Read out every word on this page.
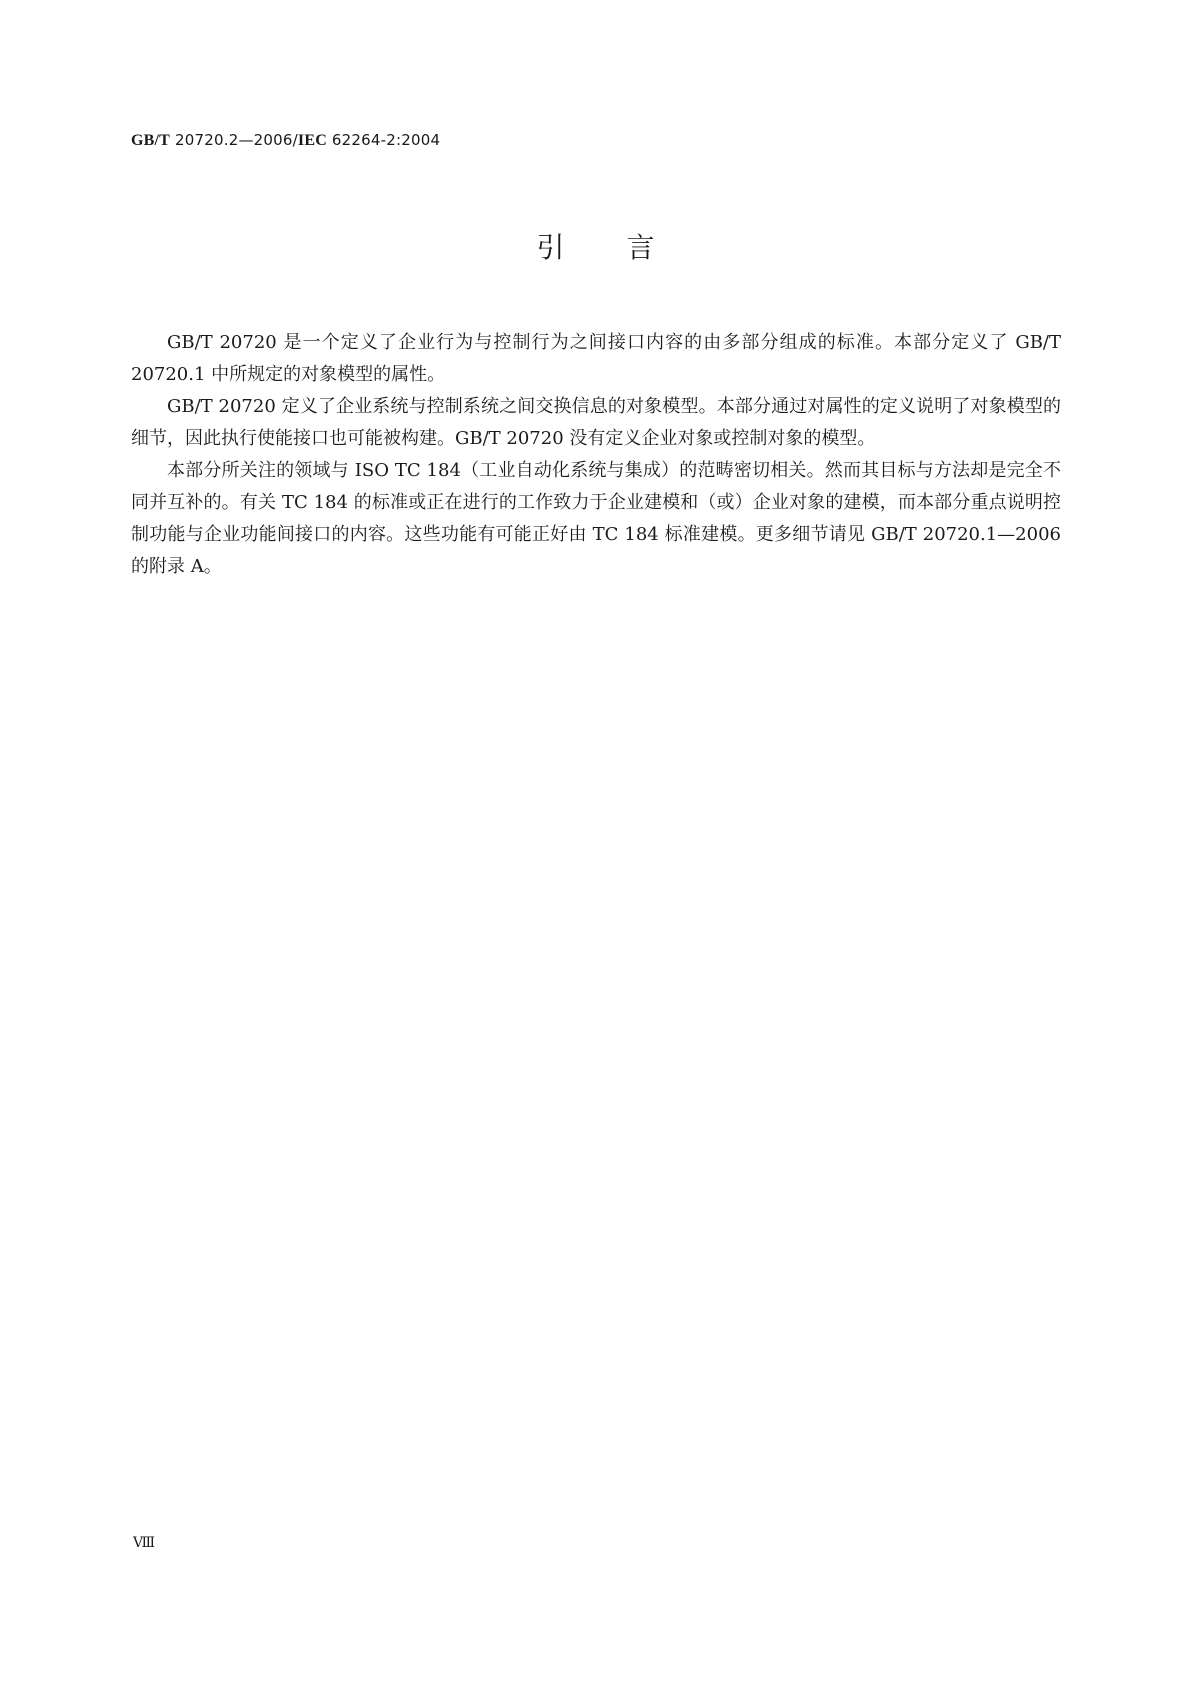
GB/T 20720.2—2006/IEC 62264-2:2004
引言

GB/T 20720 是一个定义了企业行为与控制行为之间接口内容的由多部分组成的标准。本部分定义了 GB/T 20720.1 中所规定的对象模型的属性。

GB/T 20720 定义了企业系统与控制系统之间交换信息的对象模型。本部分通过对属性的定义说明了对象模型的细节，因此执行使能接口也可能被构建。GB/T 20720 没有定义企业对象或控制对象的模型。

本部分所关注的领域与 ISO TC 184（工业自动化系统与集成）的范畴密切相关。然而其目标与方法却是完全不同并互补的。有关 TC 184 的标准或正在进行的工作致力于企业建模和（或）企业对象的建模，而本部分重点说明控制功能与企业功能间接口的内容。这些功能有可能正好由 TC 184 标准建模。更多细节请见 GB/T 20720.1—2006 的附录 A。

Ⅷ
